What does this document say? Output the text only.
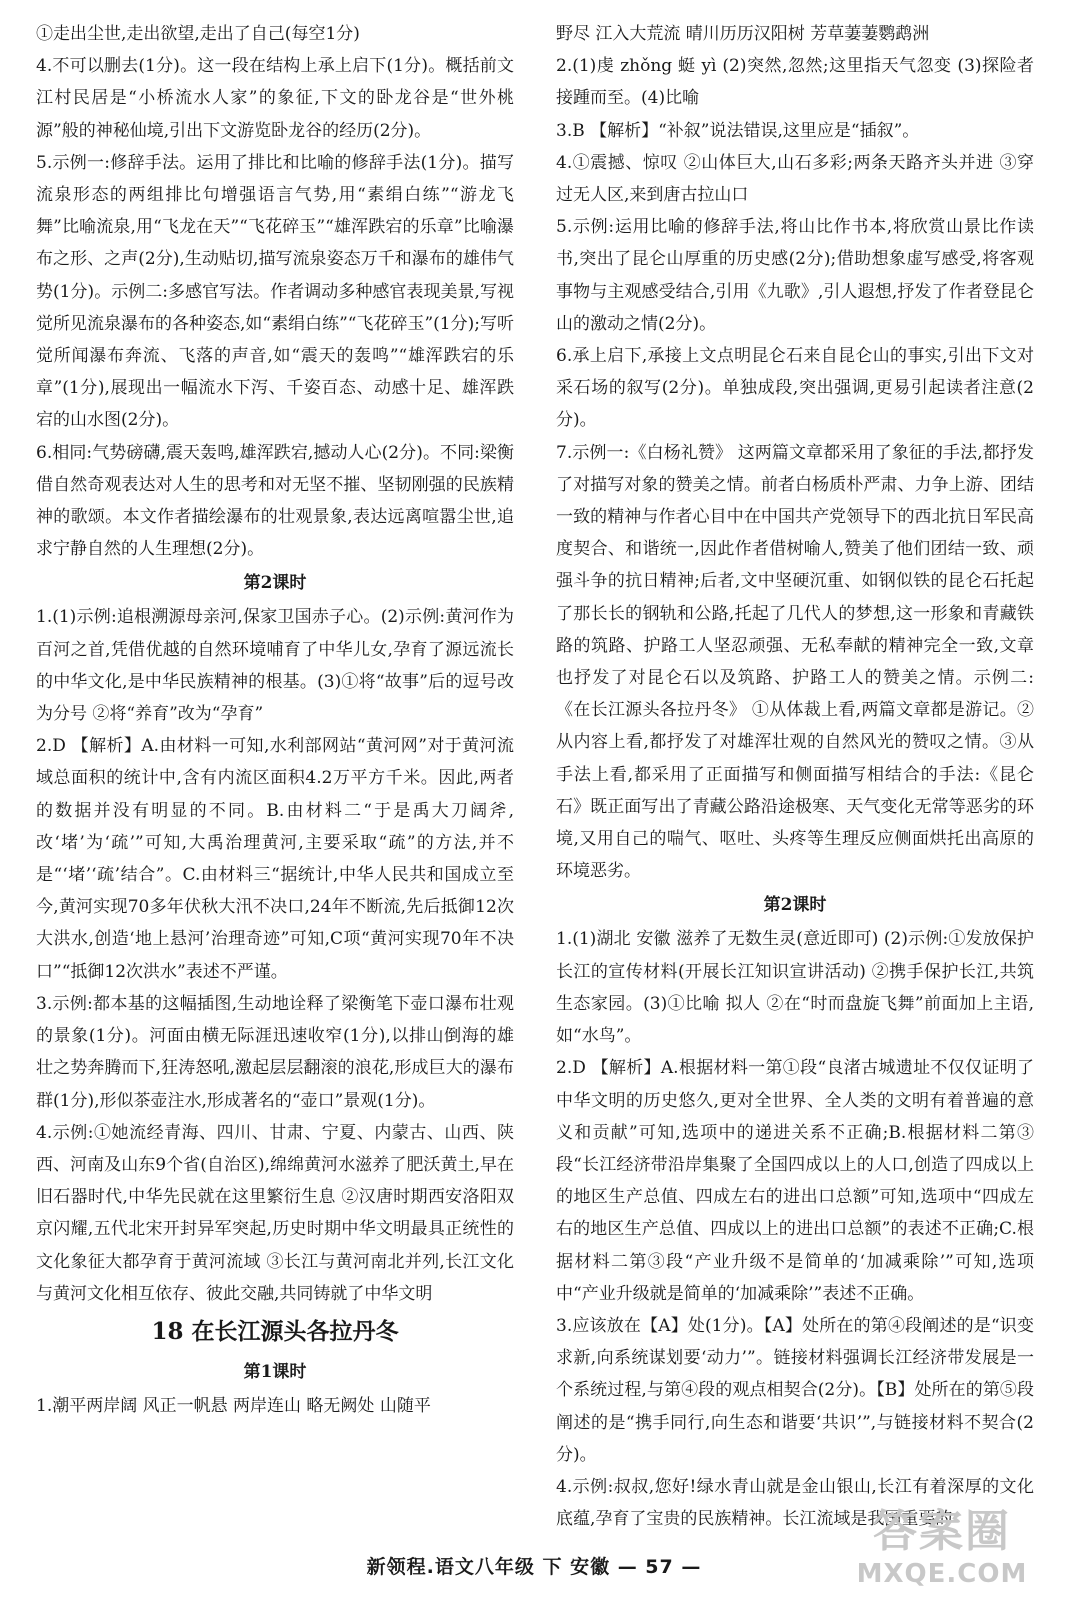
①走出尘世,走出欲望,走出了自己(每空1分)

4.不可以删去(1分)。这一段在结构上承上启下(1分)。概括前文江村民居是“小桥流水人家”的象征,下文的卧龙谷是“世外桃源”般的神秘仙境,引出下文游览卧龙谷的经历(2分)。

5.示例一:修辞手法。运用了排比和比喻的修辞手法(1分)。描写流泉形态的两组排比句增强语言气势,用“素绢白练”“游龙飞舞”比喻流泉,用“飞龙在天”“飞花碎玉”“雄浑跌宕的乐章”比喻瀑布之形、之声(2分),生动贴切,描写流泉姿态万千和瀑布的雄伟气势(1分)。示例二:多感官写法。作者调动多种感官表现美景,写视觉所见流泉瀑布的各种姿态,如“素绢白练”“飞花碎玉”(1分);写听觉所闻瀑布奔流、飞落的声音,如“震天的轰鸣”“雄浑跌宕的乐章”(1分),展现出一幅流水下泻、千姿百态、动感十足、雄浑跌宕的山水图(2分)。

6.相同:气势磅礴,震天轰鸣,雄浑跌宕,撼动人心(2分)。不同:梁衡借自然奇观表达对人生的思考和对无坚不摧、坚韧刚强的民族精神的歌颂。本文作者描绘瀑布的壮观景象,表达远离喧嚣尘世,追求宁静自然的人生理想(2分)。

第2课时

1.(1)示例:追根溯源母亲河,保家卫国赤子心。(2)示例:黄河作为百河之首,凭借优越的自然环境哺育了中华儿女,孕育了源远流长的中华文化,是中华民族精神的根基。(3)①将“故事”后的逗号改为分号 ②将“养育”改为“孕育”

2.D 【解析】A.由材料一可知,水利部网站“黄河网”对于黄河流域总面积的统计中,含有内流区面积4.2万平方千米。因此,两者的数据并没有明显的不同。B.由材料二“于是禹大刀阔斧,改‘堵’为‘疏’”可知,大禹治理黄河,主要采取“疏”的方法,并不是“‘堵’‘疏’结合”。C.由材料三“据统计,中华人民共和国成立至今,黄河实现70多年伏秋大汛不决口,24年不断流,先后抵御12次大洪水,创造‘地上悬河’治理奇迹”可知,C项“黄河实现70年不决口”“抵御12次洪水”表述不严谨。

3.示例:都本基的这幅插图,生动地诠释了梁衡笔下壶口瀑布壮观的景象(1分)。河面由横无际涯迅速收窄(1分),以排山倒海的雄壮之势奔腾而下,狂涛怒吼,激起层层翻滚的浪花,形成巨大的瀑布群(1分),形似茶壶注水,形成著名的“壶口”景观(1分)。

4.示例:①她流经青海、四川、甘肃、宁夏、内蒙古、山西、陕西、河南及山东9个省(自治区),绵绵黄河水滋养了肥沃黄土,早在旧石器时代,中华先民就在这里繁衍生息 ②汉唐时期西安洛阳双京闪耀,五代北宋开封异军突起,历史时期中华文明最具正统性的文化象征大都孕育于黄河流域 ③长江与黄河南北并列,长江文化与黄河文化相互依存、彼此交融,共同铸就了中华文明

18 在长江源头各拉丹冬

第1课时

1.潮平两岸阔 风正一帆悬 两岸连山 略无阙处 山随平

野尽 江入大荒流 晴川历历汉阳树 芳草萋萋鹦鹉洲

2.(1)虔 zhǒng 蜓 yì (2)突然,忽然;这里指天气忽变 (3)探险者接踵而至。(4)比喻

3.B 【解析】“补叙”说法错误,这里应是“插叙”。

4.①震撼、惊叹 ②山体巨大,山石多彩;两条天路齐头并进 ③穿过无人区,来到唐古拉山口

5.示例:运用比喻的修辞手法,将山比作书本,将欣赏山景比作读书,突出了昆仑山厚重的历史感(2分);借助想象虚写感受,将客观事物与主观感受结合,引用《九歌》,引人遐想,抒发了作者登昆仑山的激动之情(2分)。

6.承上启下,承接上文点明昆仑石来自昆仑山的事实,引出下文对采石场的叙写(2分)。单独成段,突出强调,更易引起读者注意(2分)。

7.示例一:《白杨礼赞》 这两篇文章都采用了象征的手法,都抒发了对描写对象的赞美之情。前者白杨质朴严肃、力争上游、团结一致的精神与作者心目中在中国共产党领导下的西北抗日军民高度契合、和谐统一,因此作者借树喻人,赞美了他们团结一致、顽强斗争的抗日精神;后者,文中坚硬沉重、如钢似铁的昆仑石托起了那长长的钢轨和公路,托起了几代人的梦想,这一形象和青藏铁路的筑路、护路工人坚忍顽强、无私奉献的精神完全一致,文章也抒发了对昆仑石以及筑路、护路工人的赞美之情。示例二:《在长江源头各拉丹冬》 ①从体裁上看,两篇文章都是游记。②从内容上看,都抒发了对雄浑壮观的自然风光的赞叹之情。③从手法上看,都采用了正面描写和侧面描写相结合的手法:《昆仑石》既正面写出了青藏公路沿途极寒、天气变化无常等恶劣的环境,又用自己的喘气、呕吐、头疼等生理反应侧面烘托出高原的环境恶劣。

第2课时

1.(1)湖北 安徽 滋养了无数生灵(意近即可) (2)示例:①发放保护长江的宣传材料(开展长江知识宣讲活动) ②携手保护长江,共筑生态家园。(3)①比喻 拟人 ②在“时而盘旋飞舞”前面加上主语,如“水鸟”。

2.D 【解析】A.根据材料一第①段“良渚古城遗址不仅仅证明了中华文明的历史悠久,更对全世界、全人类的文明有着普遍的意义和贡献”可知,选项中的递进关系不正确;B.根据材料二第③段“长江经济带沿岸集聚了全国四成以上的人口,创造了四成以上的地区生产总值、四成左右的进出口总额”可知,选项中“四成左右的地区生产总值、四成以上的进出口总额”的表述不正确;C.根据材料二第③段“产业升级不是简单的‘加减乘除’”可知,选项中“产业升级就是简单的‘加减乘除’”表述不正确。

3.应该放在【A】处(1分)。【A】处所在的第④段阐述的是“识变求新,向系统谋划要‘动力’”。链接材料强调长江经济带发展是一个系统过程,与第④段的观点相契合(2分)。【B】处所在的第⑤段阐述的是“携手同行,向生态和谐要‘共识’”,与链接材料不契合(2分)。

4.示例:叔叔,您好!绿水青山就是金山银山,长江有着深厚的文化底蕴,孕育了宝贵的民族精神。长江流域是我国重要的

新领程.语文八年级 下 安徽 — 57 —
答案圈
MXQE.COM
